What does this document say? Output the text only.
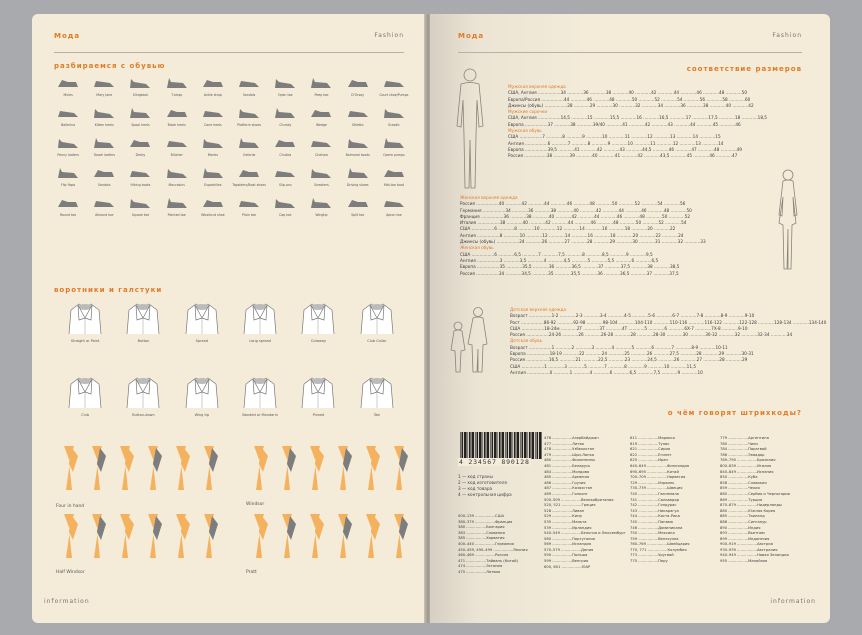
Мода	Fashion
разбираемся с обувью
Mules	Mary Jane	Slingback	T-strap	Ankle strap	Sandals	Open toe	Peep toe	D'Orsay	Court shoe/Pumps
Ballerina	Kitten heels	Spool heels	Block heels	Cone heels	Platform shoes	Chunky	Wedge	Stiletto	Sceptic
Penny loafers	Tassel loafers	Derby	Blücher	Monks	Oxfords	Chukka	Chelsea	Balmoral boots	Opera pumps
Flip flops	Sandals	Hiking boots	Moccasins	Espadrilles	Topsiders/Boat shoes	Slip-ons	Sneakers	Driving shoes	Mid-toe boot
Round toe	Almond toe	Square toe	Pointed toe	Wholecut shoe	Plain toe	Cap toe	Wingtip	Split toe	Apron toe
воротники и галстуки
Straight or Point	Button	Spread	Long spread	Cutaway	Club Collar
Club	Button-down	Wing tip	Banded or Mandarin	Pinned	Tab
Four in hand	Windsor
Half Windsor	Pratt
information
Мода	Fashion
соответствие размеров
Мужская верхняя одежда
США, Англия .................34 ............36 ............38 ............40 ............42 ............44 ............46 ............48 ............50
Европа/Россия .................44 ............46 ............48 ............50 ............52 ............54 ............56 ............58 ............60
Джинсы (обувь) .................28 ............29 ............30 ............32 ............34 ............36 ............38 ............40 ............42
Мужские сорочки
США, Англия .................14,5 ............15 ............15,5 ............16 ............16,5 ............17 ............17,5 ............18 ............18,5
Европа .................37 ............38 ............39/40 ............41 ............42 ............43 ............44 ............45 ............46
Мужская обувь
США .................7 ............8 ............9 ............10 ............11 ............12 ............13 ............14 ............15
Англия .................6 ............7 ............8 ............9 ............10 ............11 ............12 ............13 ............14
Европа .................39,5 ............41 ............42 ............43 ............44,5 ............46 ............47 ............48 ............49
Россия .................38 ............39 ............40 ............41 ............42 ............43,5 ............45 ............46 ............47
Женская верхняя одежда
Россия .................40 ............42 ............44 ............46 ............48 ............50 ............52 ............54 ............56
Германия .................34 ............36 ............38 ............40 ............42 ............44 ............46 ............48 ............50
Франция .................36 ............38 ............40 ............42 ............44 ............46 ............48 ............50 ............52
Италия .................38 ............40 ............42 ............44 ............46 ............48 ............50 ............52 ............54
США .................6 ............8 ............10 ............12 ............14 ............16 ............18 ............20 ............22
Англия .................8 ............10 ............12 ............14 ............16 ............18 ............20 ............22 ............24
Джинсы (обувь) .................24 ............26 ............27 ............28 ............29 ............30 ............31 ............32 ............33
Женская обувь
США .................6 ............6,5 ............7 ............7,5 ............8 ............8,5 ............9 ............9,5
Англия .................3 ............3,5 ............4 ............4,5 ............5 ............5,5 ............6 ............6,5
Европа .................35 ............35,5 ............36 ............36,5 ............37 ............37,5 ............38 ............38,5
Россия .................34 ............34,5 ............35 ............35,5 ............36 ............36,5 ............37 ............37,5
Детская верхняя одежда
Возраст .................1-2 ............2-3 ............3-4 ............4-5 ............5-6 ............6-7 ............7-8 ............8-9 ............9-10
Рост .................86-92 ............92-98 ............98-104 ............104-110 ............110-116 ............116-122 ............122-128 ............128-134 ............134-140
США .................18-24м ............2T ............3T ............4T ............5 ............6 ............6X-7 ............7X-8 ............9-10
Россия .................24-26 ............26 ............26-28 ............28 ............28-30 ............30 ............30-32 ............32 ............32-34 ............34
Детская обувь
Возраст .................1 ............2 ............3 ............4 ............5 ............6 ............7 ............8-9 ............10-11
Европа .................18-19 ............22 ............24 ............25 ............26 ............27,5 ............28 ............29 ............30-31
Россия .................16,5 ............21 ............22,5 ............23 ............24,5 ............26 ............27 ............28 ............29
США .................1 ............3 ............5 ............7 ............8 ............9 ............10 ............11,5
Англия .................0 ............1 ............4 ............6 ............6,5 ............7,5 ............9 ............10
о чём говорят штрихкоды?
4 234567 890128
1 — код страны
2 — код изготовителя
3 — код товара
4 — контрольная цифра
000–139 .................США
380–379 .................Франция
380 .................Болгария
383 .................Словения
385 .................Хорватия
400–440 .................Германия
450–459, 490–499 .................Япония
460–469 .................Россия
471 .................Тайвань (Китай)
474 .................Эстония
475 .................Латвия
476 .................Азербайджан
477 .................Литва
478 .................Узбекистан
479 .................Шри-Ланка
480 .................Филиппины
481 .................Беларусь
484 .................Молдова
485 .................Армения
486 .................Грузия
487 .................Казахстан
489 .................Гонконг
500–509 .................Великобритания
520, 521 .................Греция
528 .................Ливан
529 .................Кипр
535 .................Мальта
539 .................Ирландия
540–549 .................Бельгия и Люксембург
560 .................Португалия
569 .................Исландия
570–579 .................Дания
590 .................Польша
599 .................Венгрия
600, 601 .................ЮАР
611 .................Марокко
619 .................Тунис
621 .................Сирия
622 .................Египет
625 .................Иран
640–649 .................Финляндия
690–695 .................Китай
700–709 .................Норвегия
729 .................Израиль
730–739 .................Швеция
740 .................Гватемала
741 .................Сальвадор
742 .................Гондурас
743 .................Никарагуа
744 .................Коста-Рика
745 .................Панама
746 .................Доминикана
750 .................Мексика
759 .................Венесуэла
760–769 .................Швейцария
770, 771 .................Колумбия
773 .................Уругвай
775 .................Перу
779 .................Аргентина
780 .................Чили
784 .................Парагвай
786 .................Эквадор
789–790 .................Бразилия
800–839 .................Италия
840–849 .................Испания
850 .................Куба
858 .................Словакия
859 .................Чехия
860 .................Сербия и Черногория
869 .................Турция
870–879 .................Нидерланды
880 .................Южная Корея
885 .................Таиланд
888 .................Сингапур
890 .................Индия
893 .................Вьетнам
899 .................Индонезия
900–919 .................Австрия
930–939 .................Австралия
940–949 .................Новая Зеландия
955 .................Малайзия
information
